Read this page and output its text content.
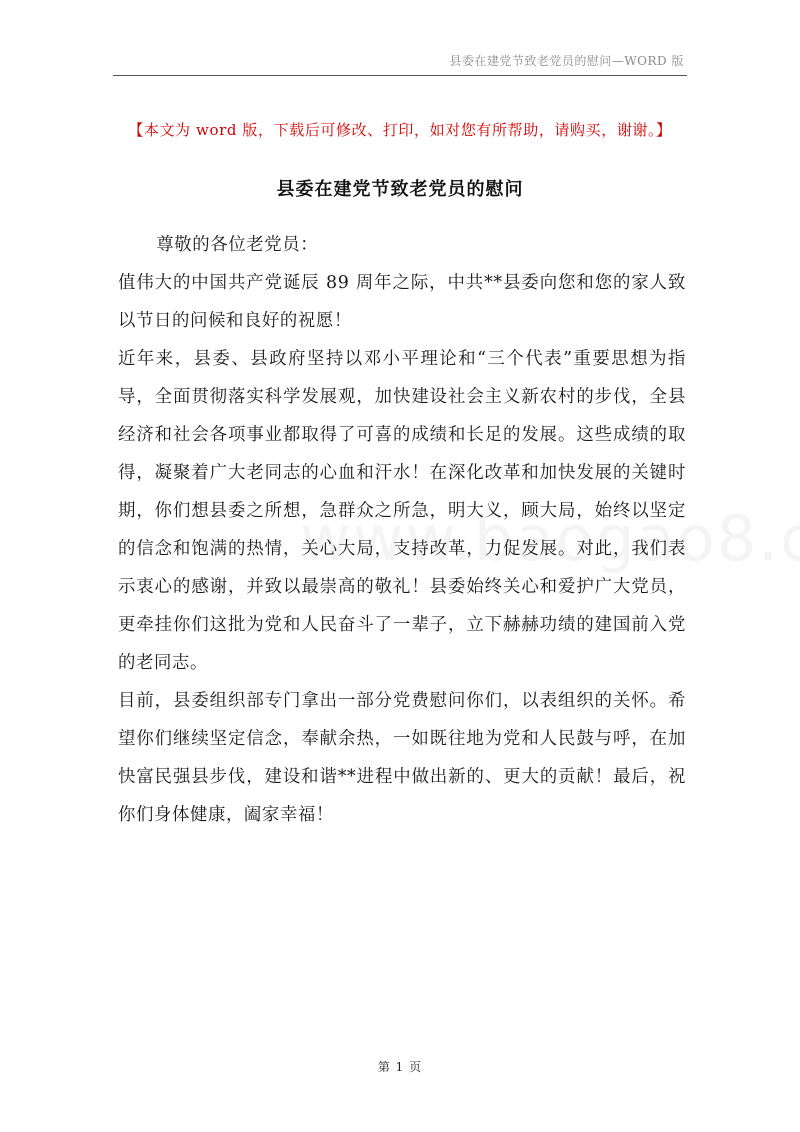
县委在建党节致老党员的慰问—WORD 版
【本文为 word 版，下载后可修改、打印，如对您有所帮助，请购买，谢谢。】
县委在建党节致老党员的慰问

尊敬的各位老党员：

值伟大的中国共产党诞辰 89 周年之际，中共**县委向您和您的家人致以节日的问候和良好的祝愿！

近年来，县委、县政府坚持以邓小平理论和“三个代表”重要思想为指导，全面贯彻落实科学发展观，加快建设社会主义新农村的步伐，全县经济和社会各项事业都取得了可喜的成绩和长足的发展。这些成绩的取得，凝聚着广大老同志的心血和汗水！在深化改革和加快发展的关键时期，你们想县委之所想，急群众之所急，明大义，顾大局，始终以坚定的信念和饱满的热情，关心大局，支持改革，力促发展。对此，我们表示衷心的感谢，并致以最崇高的敬礼！县委始终关心和爱护广大党员，更牵挂你们这批为党和人民奋斗了一辈子，立下赫赫功绩的建国前入党的老同志。

目前，县委组织部专门拿出一部分党费慰问你们，以表组织的关怀。希望你们继续坚定信念，奉献余热，一如既往地为党和人民鼓与呼，在加快富民强县步伐，建设和谐**进程中做出新的、更大的贡献！最后，祝你们身体健康，阖家幸福！

第 1 页
